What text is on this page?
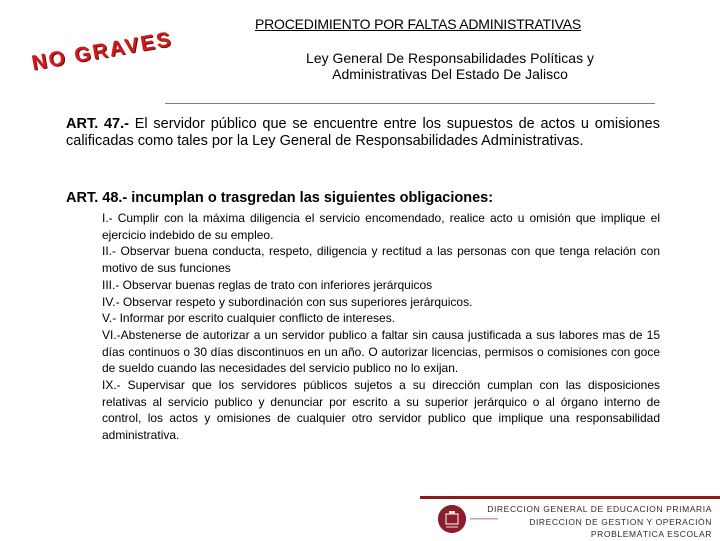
PROCEDIMIENTO POR FALTAS ADMINISTRATIVAS
NO GRAVES	Ley General De Responsabilidades Políticas y
Administrativas Del Estado De Jalisco
ART. 47.- El servidor público que se encuentre entre los supuestos de actos u omisiones calificadas como tales por la Ley General de Responsabilidades Administrativas.
ART. 48.- incumplan o trasgredan las siguientes obligaciones:

I.- Cumplir con la máxima diligencia el servicio encomendado, realice acto u omisión que implique el ejercicio indebido de su empleo.

II.- Observar buena conducta, respeto, diligencia y rectitud a las personas con que tenga relación con motivo de sus funciones

III.- Observar buenas reglas de trato con inferiores jerárquicos

IV.- Observar respeto y subordinación con sus superiores jerárquicos.

V.- Informar por escrito cualquier conflicto de intereses.

VI.-Abstenerse de autorizar a un servidor publico a faltar sin causa justificada a sus labores mas de 15 días continuos o 30 días discontinuos en un año. O autorizar licencias, permisos o comisiones con goce de sueldo cuando las necesidades del servicio publico no lo exijan.

IX.- Supervisar que los servidores públicos sujetos a su dirección cumplan con las disposiciones relativas al servicio publico y denunciar por escrito a su superior jerárquico o al órgano interno de control, los actos y omisiones de cualquier otro servidor publico que implique una responsabilidad administrativa.

DIRECCION GENERAL DE EDUCACION PRIMARIA
DIRECCION DE GESTION Y OPERACIÓN
PROBLEMÁTICA ESCOLAR
